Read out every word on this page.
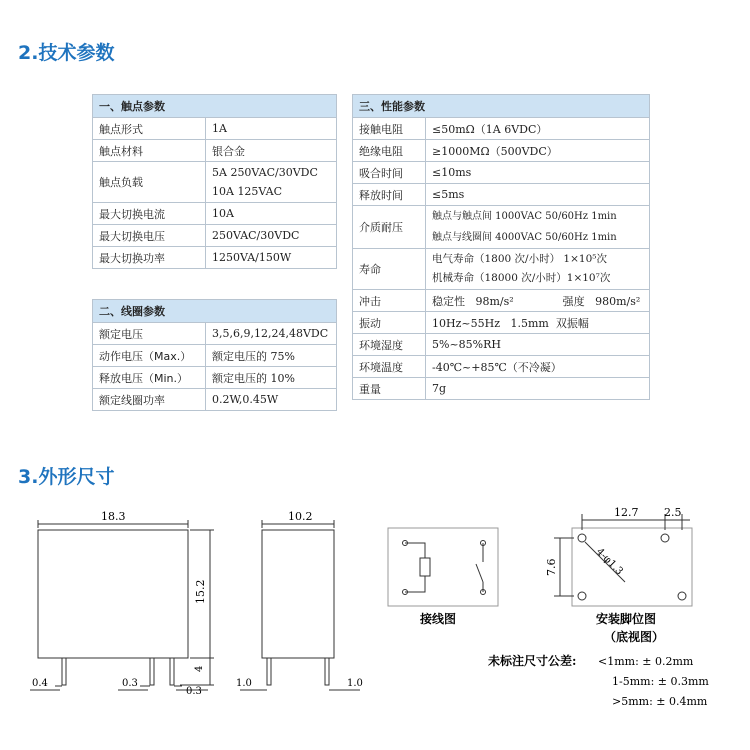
2.技术参数
一、触点参数	
触点形式	1A
触点材料	银合金
触点负载	5A 250VAC/30VDC
10A 125VAC

最大切换电流	10A
最大切换电压	250VAC/30VDC
最大切换功率	1250VA/150W
二、线圈参数	
额定电压	3,5,6,9,12,24,48VDC
动作电压（Max.）	额定电压的 75%
释放电压（Min.）	额定电压的 10%
额定线圈功率	0.2W,0.45W
三、性能参数	
接触电阻	≤50mΩ（1A 6VDC）
绝缘电阻	≥1000MΩ（500VDC）
吸合时间	≤10ms
释放时间	≤5ms
介质耐压	触点与触点间 1000VAC 50/60Hz 1min
触点与线圈间 4000VAC 50/60Hz 1min

寿命	电气寿命（1800 次/小时） 1×10⁵次
机械寿命（18000 次/小时）1×10⁷次

冲击	稳定性   98m/s²              强度   980m/s²
振动	10Hz~55Hz   1.5mm  双振幅
环境湿度	5%~85%RH
环境温度	-40℃~+85℃（不冷凝）
重量	7g
3.外形尺寸
18.3
15.2
4
0.4	0.3
0.3
10.2
1.0	1.0
接线图
12.7 2.5
7.6	4-φ1.3
安装脚位图
（底视图）
未标注尺寸公差: <1mm: ± 0.2mm
1-5mm: ± 0.3mm
>5mm: ± 0.4mm
